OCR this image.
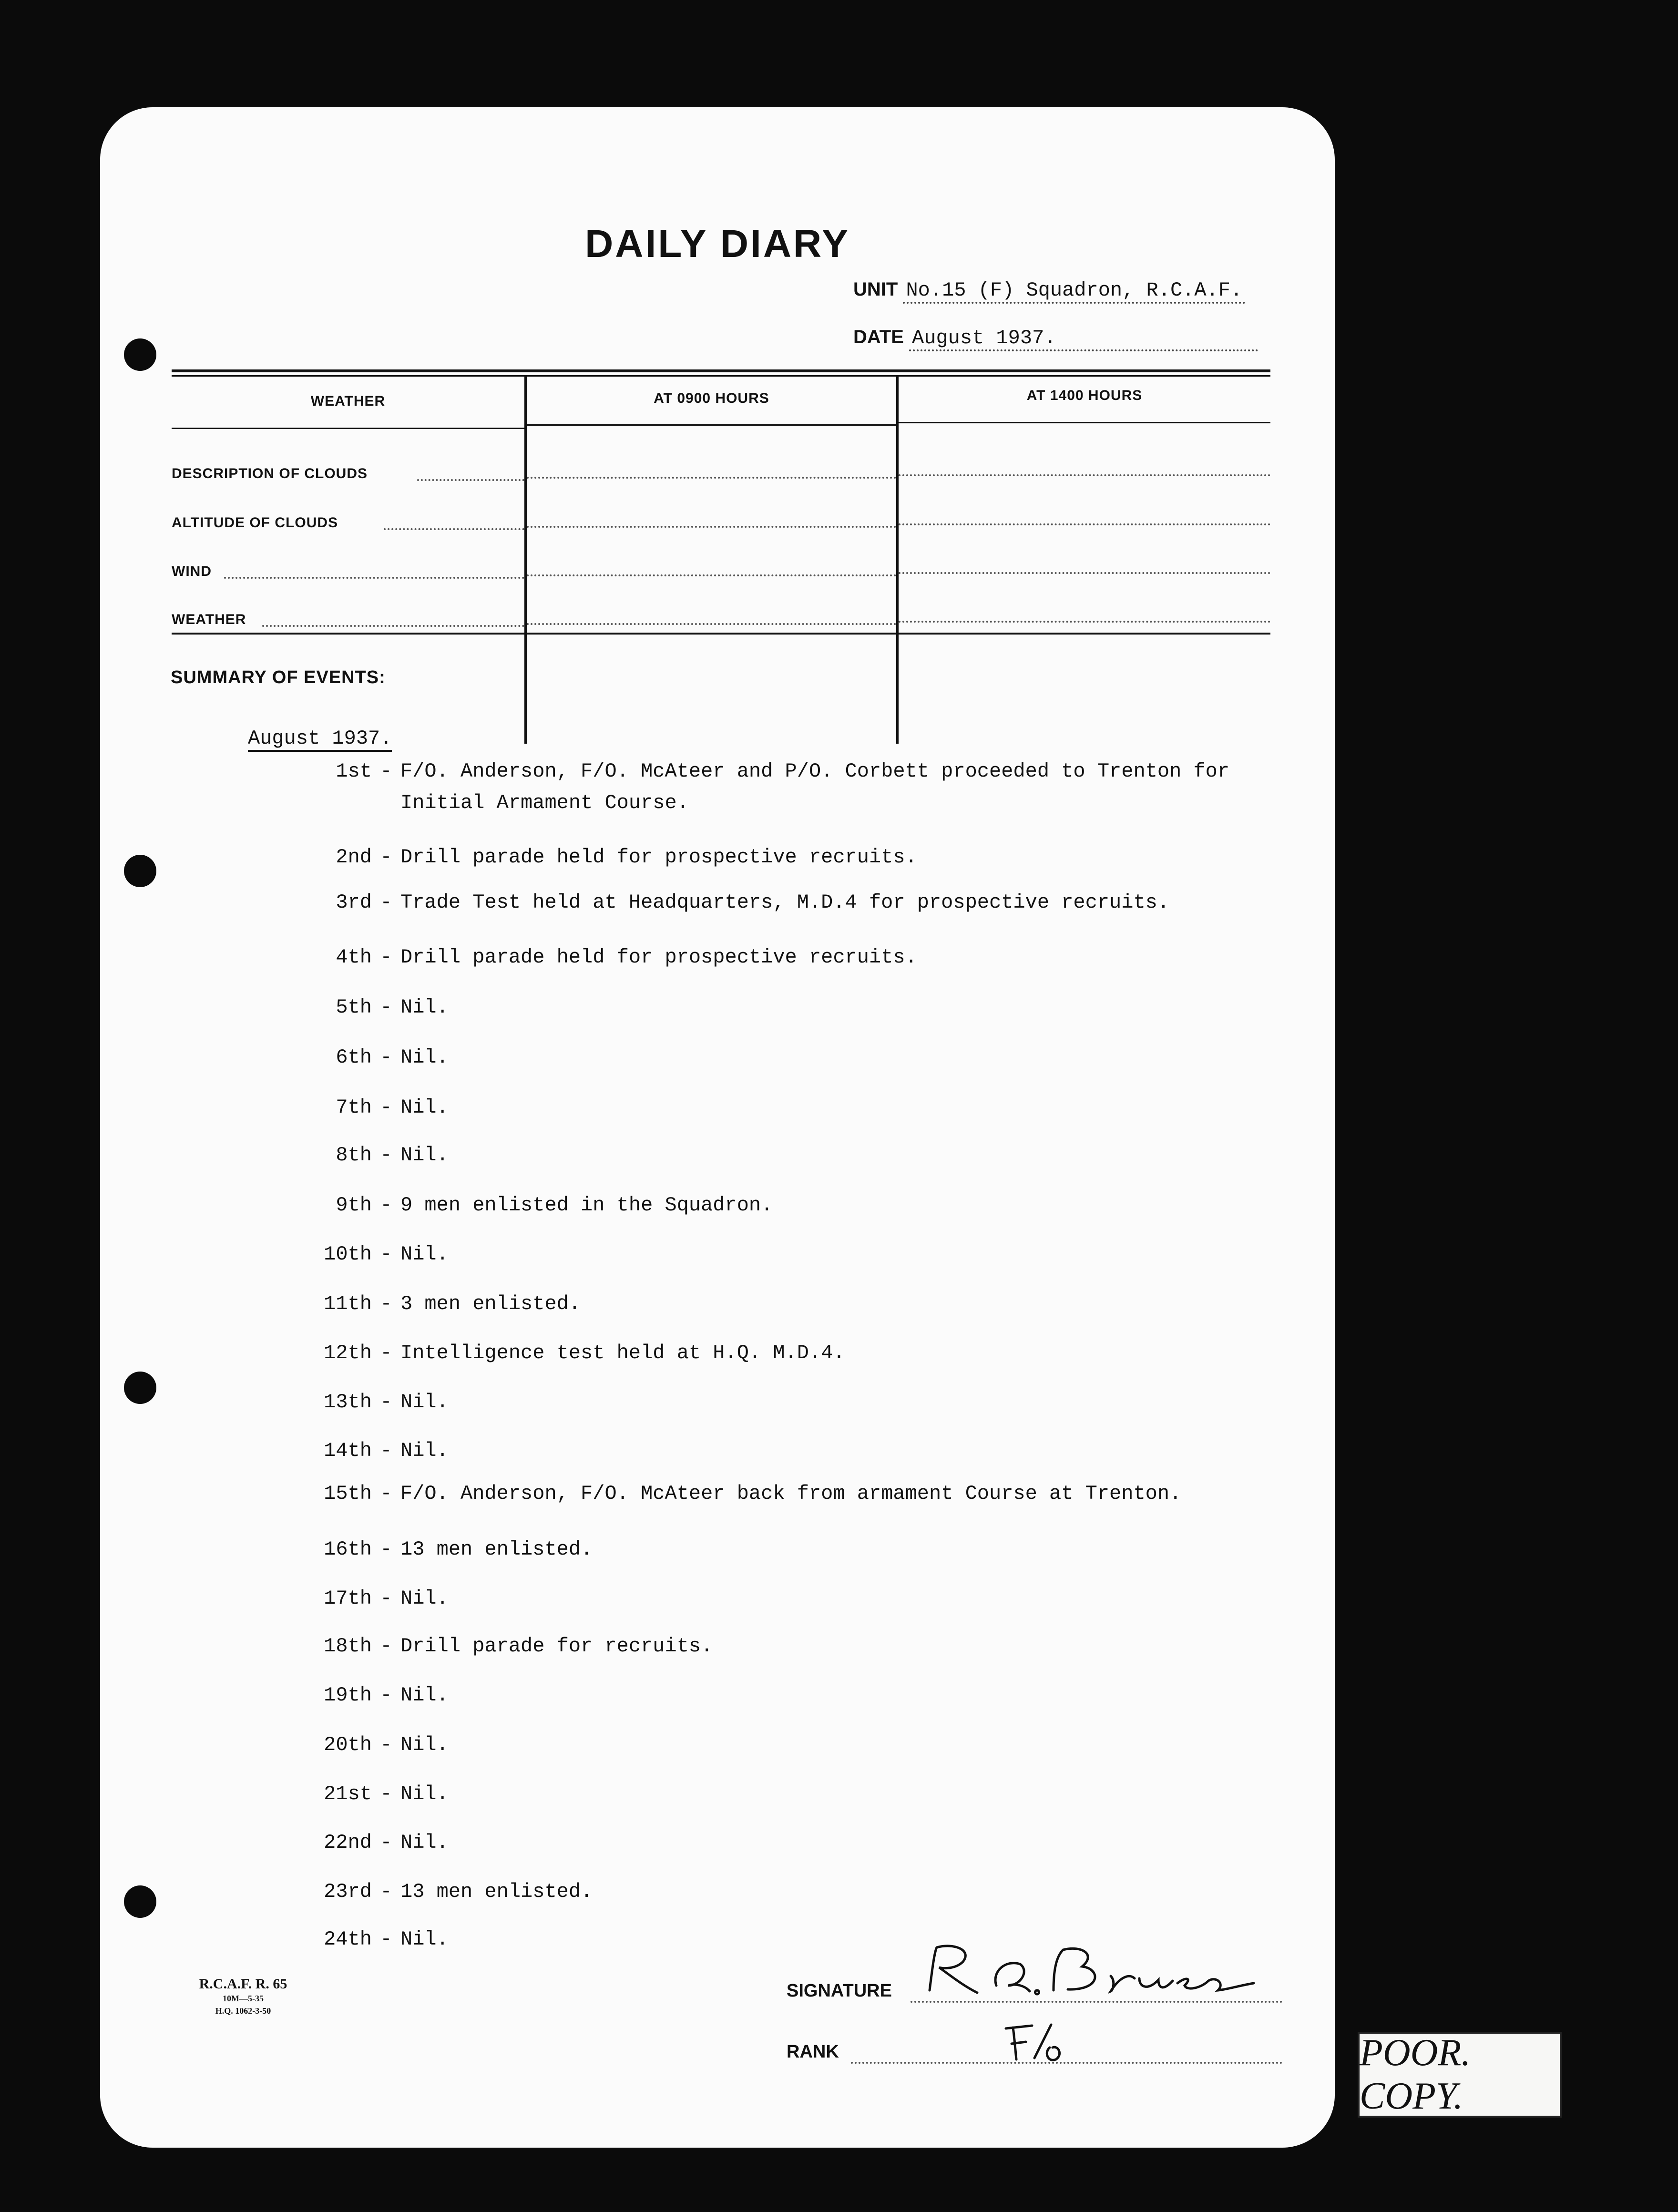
DAILY DIARY
UNIT No.15 (F) Squadron, R.C.A.F.
DATE August 1937.
WEATHER	AT 0900 HOURS	AT 1400 HOURS
DESCRIPTION OF CLOUDS
ALTITUDE OF CLOUDS
WIND
WEATHER
SUMMARY OF EVENTS:
August 1937.
R.C.A.F. R. 65
10M—5-35
H.Q. 1062-3-50
SIGNATURE
RANK
1st - F/O. Anderson, F/O. McAteer and P/O. Corbett proceeded to Trenton for Initial Armament Course.
2nd - Drill parade held for prospective recruits.
3rd - Trade Test held at Headquarters, M.D.4 for prospective recruits.
4th - Drill parade held for prospective recruits.
5th - Nil.
6th - Nil.
7th - Nil.
8th - Nil.
9th - 9 men enlisted in the Squadron.
10th - Nil.
11th - 3 men enlisted.
12th - Intelligence test held at H.Q. M.D.4.
13th - Nil.
14th - Nil.
15th - F/O. Anderson, F/O. McAteer back from armament Course at Trenton.
16th - 13 men enlisted.
17th - Nil.
18th - Drill parade for recruits.
19th - Nil.
20th - Nil.
21st - Nil.
22nd - Nil.
23rd - 13 men enlisted.
24th - Nil.
POOR. COPY.
